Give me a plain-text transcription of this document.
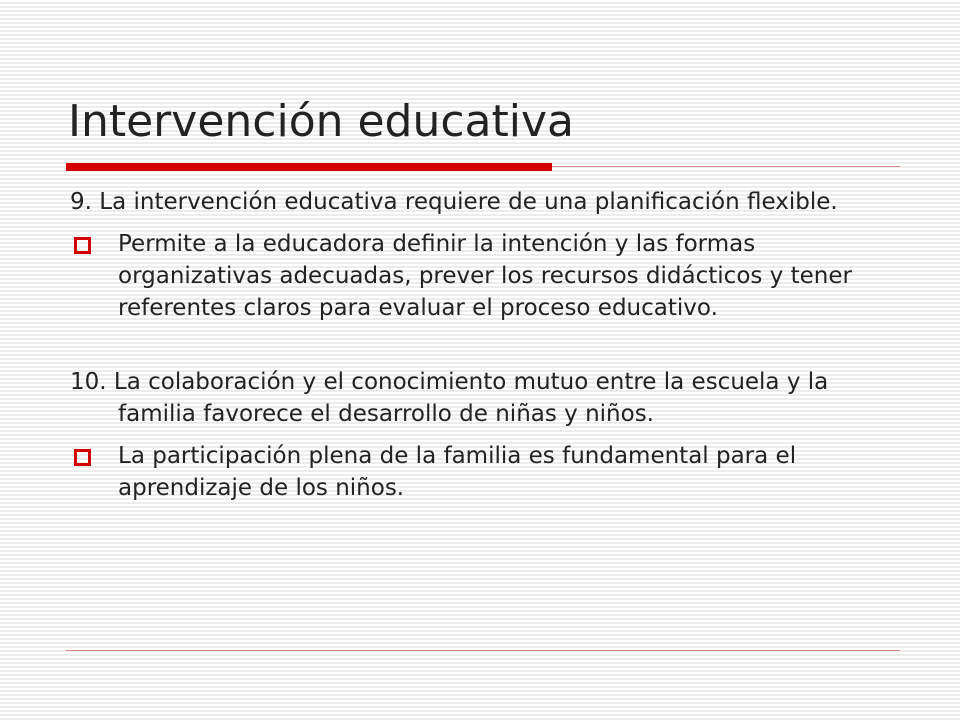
Intervención educativa

9. La intervención educativa requiere de una planificación flexible.

Permite a la educadora definir la intención y las formas organizativas adecuadas, prever los recursos didácticos y tener referentes claros para evaluar el proceso educativo.

10. La colaboración y el conocimiento mutuo entre la escuela y la familia favorece el desarrollo de niñas y niños.

La participación plena de la familia es fundamental para el aprendizaje de los niños.
